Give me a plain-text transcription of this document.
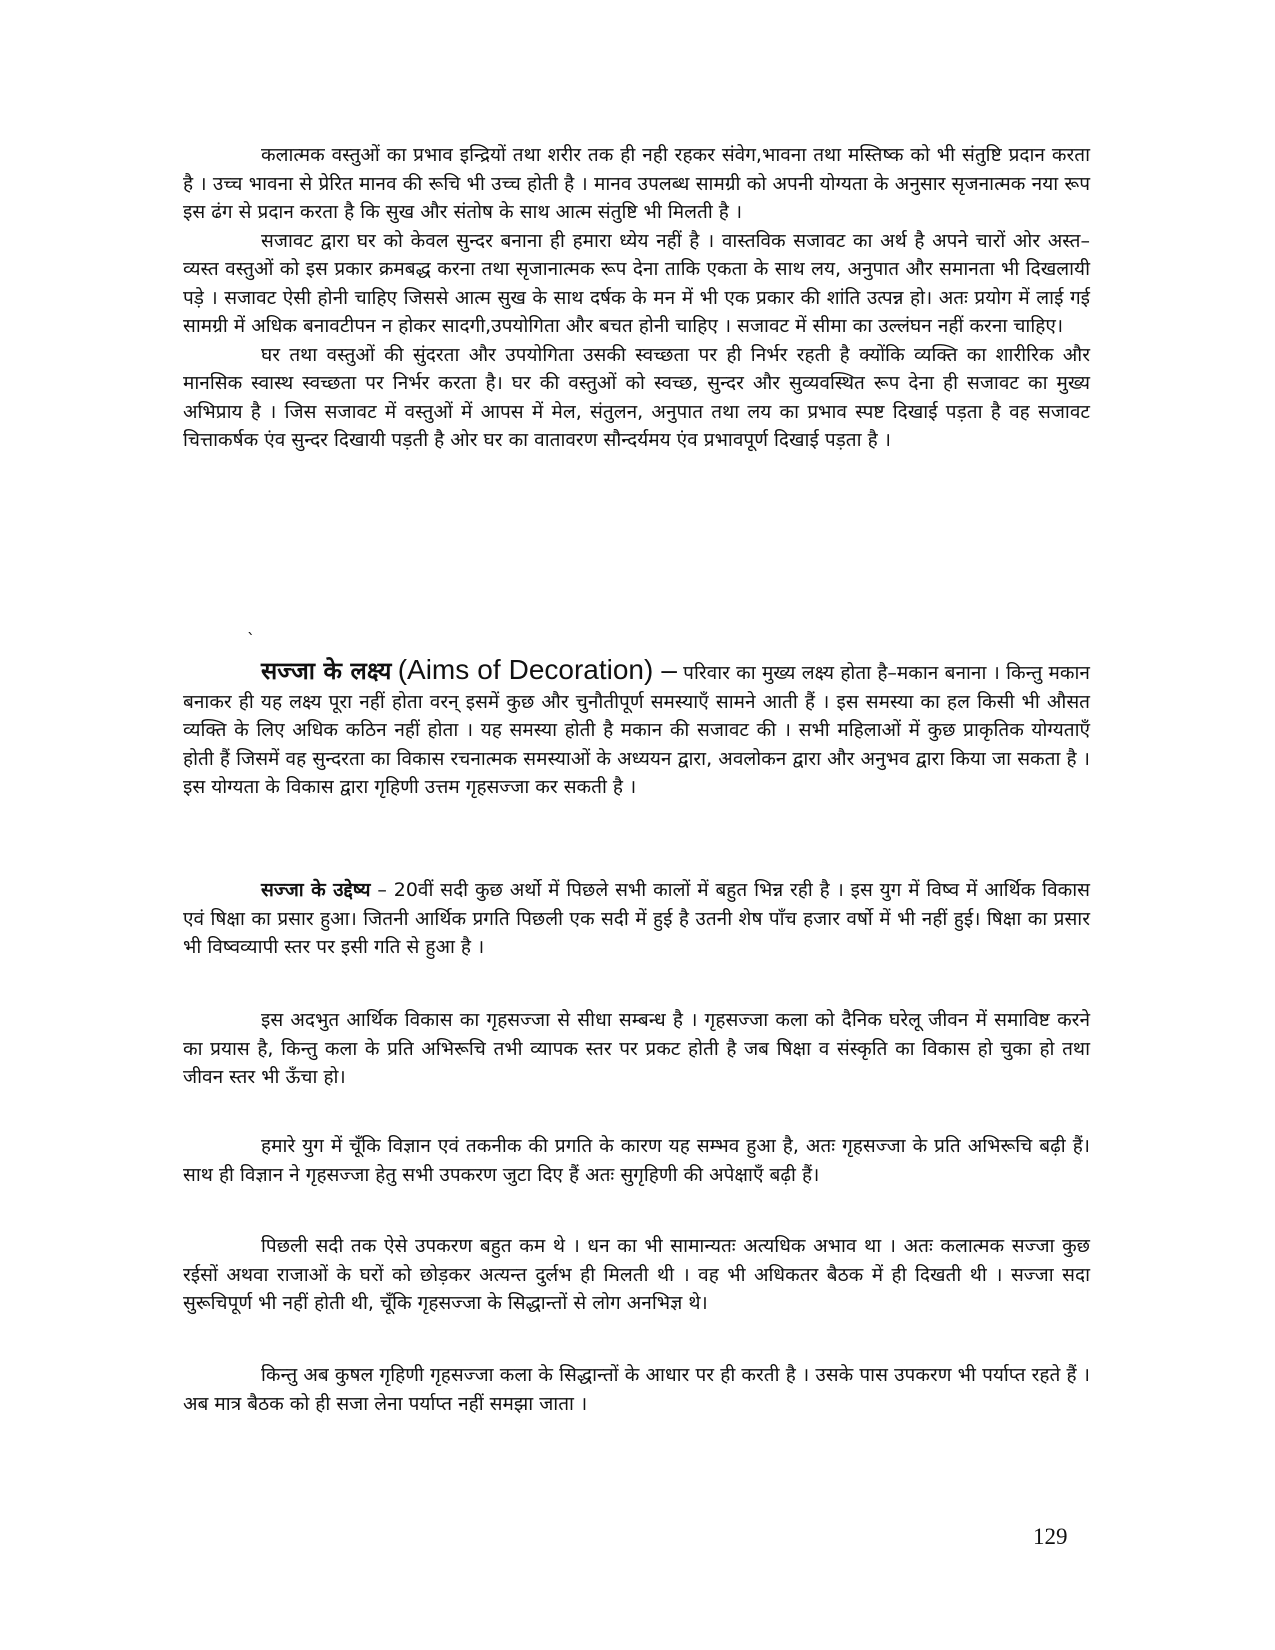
कलात्मक वस्तुओं का प्रभाव इन्द्रियों तथा शरीर तक ही नही रहकर संवेग,भावना तथा मस्तिष्क को भी संतुष्टि प्रदान करता है । उच्च भावना से प्रेरित मानव की रूचि भी उच्च होती है । मानव उपलब्ध सामग्री को अपनी योग्यता के अनुसार सृजनात्मक नया रूप इस ढंग से प्रदान करता है कि सुख और संतोष के साथ आत्म संतुष्टि भी मिलती है ।

सजावट द्वारा घर को केवल सुन्दर बनाना ही हमारा ध्येय नहीं है । वास्तविक सजावट का अर्थ है अपने चारों ओर अस्त–व्यस्त वस्तुओं को इस प्रकार क्रमबद्ध करना तथा सृजानात्मक रूप देना ताकि एकता के साथ लय, अनुपात और समानता भी दिखलायी पड़े । सजावट ऐसी होनी चाहिए जिससे आत्म सुख के साथ दर्षक के मन में भी एक प्रकार की शांति उत्पन्न हो। अतः प्रयोग में लाई गई सामग्री में अधिक बनावटीपन न होकर सादगी,उपयोगिता और बचत होनी चाहिए । सजावट में सीमा का उल्लंघन नहीं करना चाहिए।

घर तथा वस्तुओं की सुंदरता और उपयोगिता उसकी स्वच्छता पर ही निर्भर रहती है क्योंकि व्यक्ति का शारीरिक और मानसिक स्वास्थ स्वच्छता पर निर्भर करता है। घर की वस्तुओं को स्वच्छ, सुन्दर और सुव्यवस्थित रूप देना ही सजावट का मुख्य अभिप्राय है । जिस सजावट में वस्तुओं में आपस में मेल, संतुलन, अनुपात तथा लय का प्रभाव स्पष्ट दिखाई पड़ता है वह सजावट चित्ताकर्षक एंव सुन्दर दिखायी पड़ती है ओर घर का वातावरण सौन्दर्यमय एंव प्रभावपूर्ण दिखाई पड़ता है ।

`

सज्जा के लक्ष्य (Aims of Decoration) – परिवार का मुख्य लक्ष्य होता है–मकान बनाना । किन्तु मकान बनाकर ही यह लक्ष्य पूरा नहीं होता वरन् इसमें कुछ और चुनौतीपूर्ण समस्याएँ सामने आती हैं । इस समस्या का हल किसी भी औसत व्यक्ति के लिए अधिक कठिन नहीं होता । यह समस्या होती है मकान की सजावट की । सभी महिलाओं में कुछ प्राकृतिक योग्यताएँ होती हैं जिसमें वह सुन्दरता का विकास रचनात्मक समस्याओं के अध्ययन द्वारा, अवलोकन द्वारा और अनुभव द्वारा किया जा सकता है । इस योग्यता के विकास द्वारा गृहिणी उत्तम गृहसज्जा कर सकती है ।

सज्जा के उद्देष्य – 20वीं सदी कुछ अर्थो में पिछले सभी कालों में बहुत भिन्न रही है । इस युग में विष्व में आर्थिक विकास एवं षिक्षा का प्रसार हुआ। जितनी आर्थिक प्रगति पिछली एक सदी में हुई है उतनी शेष पाँच हजार वर्षो में भी नहीं हुई। षिक्षा का प्रसार भी विष्वव्यापी स्तर पर इसी गति से हुआ है ।

इस अदभुत आर्थिक विकास का गृहसज्जा से सीधा सम्बन्ध है । गृहसज्जा कला को दैनिक घरेलू जीवन में समाविष्ट करने का प्रयास है, किन्तु कला के प्रति अभिरूचि तभी व्यापक स्तर पर प्रकट होती है जब षिक्षा व संस्कृति का विकास हो चुका हो तथा जीवन स्तर भी ऊँचा हो।

हमारे युग में चूँकि विज्ञान एवं तकनीक की प्रगति के कारण यह सम्भव हुआ है, अतः गृहसज्जा के प्रति अभिरूचि बढ़ी हैं। साथ ही विज्ञान ने गृहसज्जा हेतु सभी उपकरण जुटा दिए हैं अतः सुगृहिणी की अपेक्षाएँ बढ़ी हैं।

पिछली सदी तक ऐसे उपकरण बहुत कम थे । धन का भी सामान्यतः अत्यधिक अभाव था । अतः कलात्मक सज्जा कुछ रईसों अथवा राजाओं के घरों को छोड़कर अत्यन्त दुर्लभ ही मिलती थी । वह भी अधिकतर बैठक में ही दिखती थी । सज्जा सदा सुरूचिपूर्ण भी नहीं होती थी, चूँकि गृहसज्जा के सिद्धान्तों से लोग अनभिज्ञ थे।

किन्तु अब कुषल गृहिणी गृहसज्जा कला के सिद्धान्तों के आधार पर ही करती है । उसके पास उपकरण भी पर्याप्त रहते हैं । अब मात्र बैठक को ही सजा लेना पर्याप्त नहीं समझा जाता ।

129
